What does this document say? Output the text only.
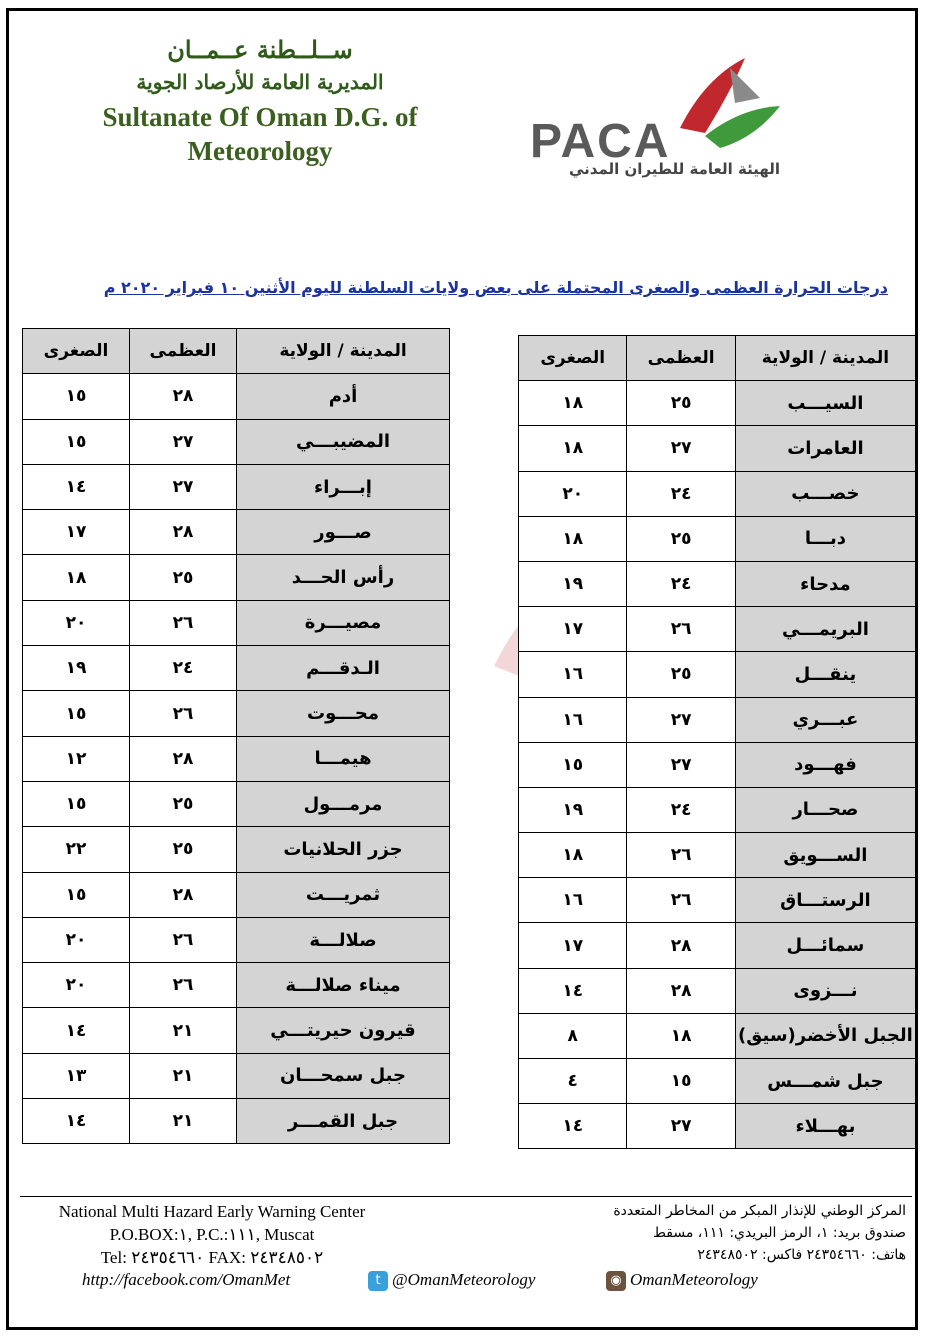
ســلــطنة عــمــان
المديرية العامة للأرصاد الجوية
Sultanate Of Oman D.G. of
Meteorology	PACA
الهيئة العامة للطيران المدني
درجات الحرارة العظمى والصغرى المحتملة على بعض ولايات السلطنة لليوم الأثنين ١٠ فبراير ٢٠٢٠ م
المدينة / الولاية	العظمى	الصغرى
أدم	٢٨	١٥
المضيبـــي	٢٧	١٥
إبـــراء	٢٧	١٤
صـــور	٢٨	١٧
رأس الحـــد	٢٥	١٨
مصيـــرة	٢٦	٢٠
الـدقـــم	٢٤	١٩
محـــوت	٢٦	١٥
هيمـــا	٢٨	١٢
مرمـــول	٢٥	١٥
جزر الحلانيات	٢٥	٢٢
ثمريـــت	٢٨	١٥
صلالـــة	٢٦	٢٠
ميناء صلالـــة	٢٦	٢٠
قيرون حيريتـــي	٢١	١٤
جبل سمحـــان	٢١	١٣
جبل القمـــر	٢١	١٤
المدينة / الولاية	العظمى	الصغرى
السيـــب	٢٥	١٨
العامرات	٢٧	١٨
خصـــب	٢٤	٢٠
دبـــا	٢٥	١٨
مدحاء	٢٤	١٩
البريمـــي	٢٦	١٧
ينقـــل	٢٥	١٦
عبـــري	٢٧	١٦
فهـــود	٢٧	١٥
صحـــار	٢٤	١٩
الســـويق	٢٦	١٨
الرستـــاق	٢٦	١٦
سمائـــل	٢٨	١٧
نـــزوى	٢٨	١٤
الجبل الأخضر(سيق)	١٨	٨
جبل شمـــس	١٥	٤
بهـــلاء	٢٧	١٤
National Multi Hazard Early Warning Center
P.O.BOX:١, P.C.:١١١, Muscat
Tel: ٢٤٣٥٤٦٦٠ FAX: ٢٤٣٤٨٥٠٢
المركز الوطني للإنذار المبكر من المخاطر المتعددة
صندوق بريد: ١، الرمز البريدي: ١١١، مسقط
هاتف: ٢٤٣٥٤٦٦٠ فاكس: ٢٤٣٤٨٥٠٢
http://facebook.com/OmanMet	t @OmanMeteorology	◉ OmanMeteorology
